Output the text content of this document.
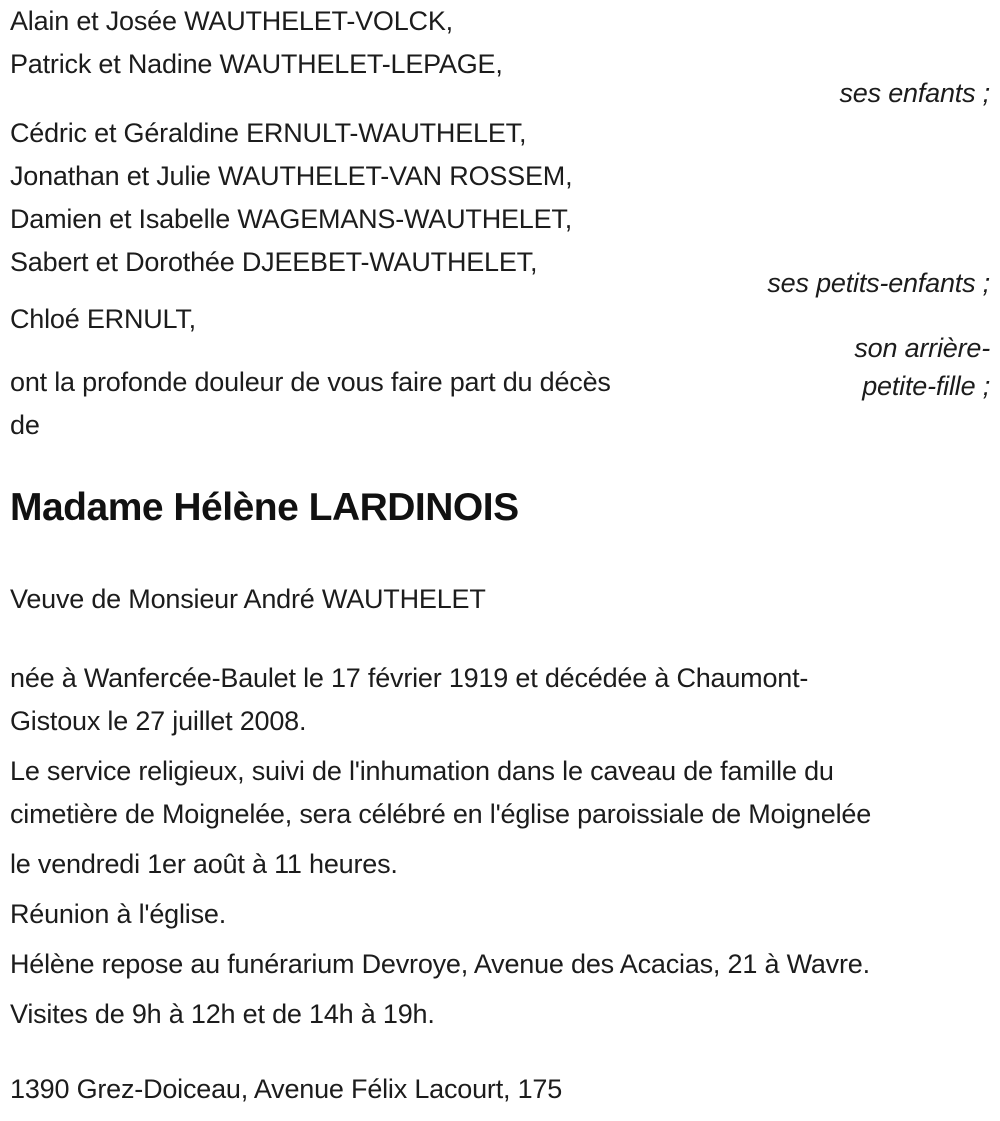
Alain et Josée WAUTHELET-VOLCK,
Patrick et Nadine WAUTHELET-LEPAGE,
ses enfants ;
Cédric et Géraldine ERNULT-WAUTHELET,
Jonathan et Julie WAUTHELET-VAN ROSSEM,
Damien et Isabelle WAGEMANS-WAUTHELET,
Sabert et Dorothée DJEEBET-WAUTHELET,
ses petits-enfants ;

Chloé ERNULT,

son arrière-
petite-fille ;
ont la profonde douleur de vous faire part du décès
de
Madame Hélène LARDINOIS

Veuve de Monsieur André WAUTHELET

née à Wanfercée-Baulet le 17 février 1919 et décédée à Chaumont-
Gistoux le 27 juillet 2008.
Le service religieux, suivi de l'inhumation dans le caveau de famille du
cimetière de Moignelée, sera célébré en l'église paroissiale de Moignelée

le vendredi 1er août à 11 heures.

Réunion à l'église.

Hélène repose au funérarium Devroye, Avenue des Acacias, 21 à Wavre.

Visites de 9h à 12h et de 14h à 19h.

1390 Grez-Doiceau, Avenue Félix Lacourt, 175
